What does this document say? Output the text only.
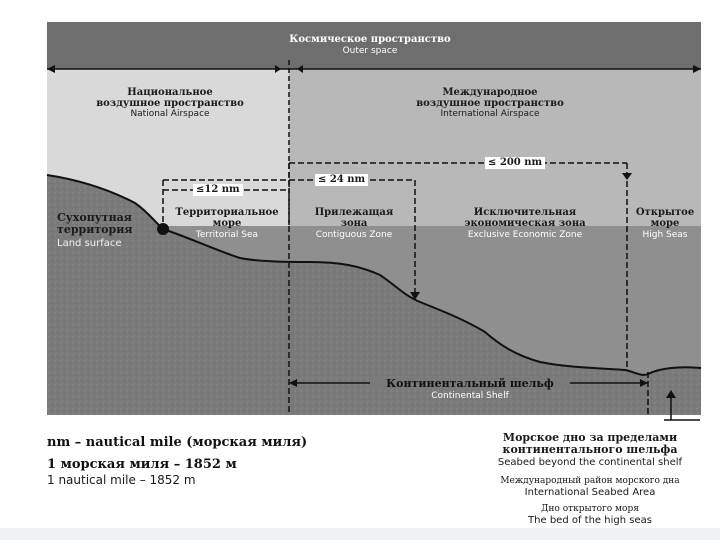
Космическое пространство
Outer space
Национальное
воздушное пространство
National Airspace
Международное
воздушное пространство
International Airspace
≤12 nm
≤ 24 nm
≤ 200 nm
Сухопутная
территория
Land surface
Территориальное
море
Territorial Sea
Прилежащая
зона
Contiguous Zone
Исключительная
экономическая зона
Exclusive Economic Zone
Открытое
море
High Seas
Континентальный шельф
Continental Shelf
nm – nautical mile (морская миля)
1 морская миля – 1852 м
1 nautical mile – 1852 m
Морское дно за пределами
континентального шельфа
Seabed beyond the continental shelf
Международный район морского дна
International Seabed Area
Дно открытого моря
The bed of the high seas
